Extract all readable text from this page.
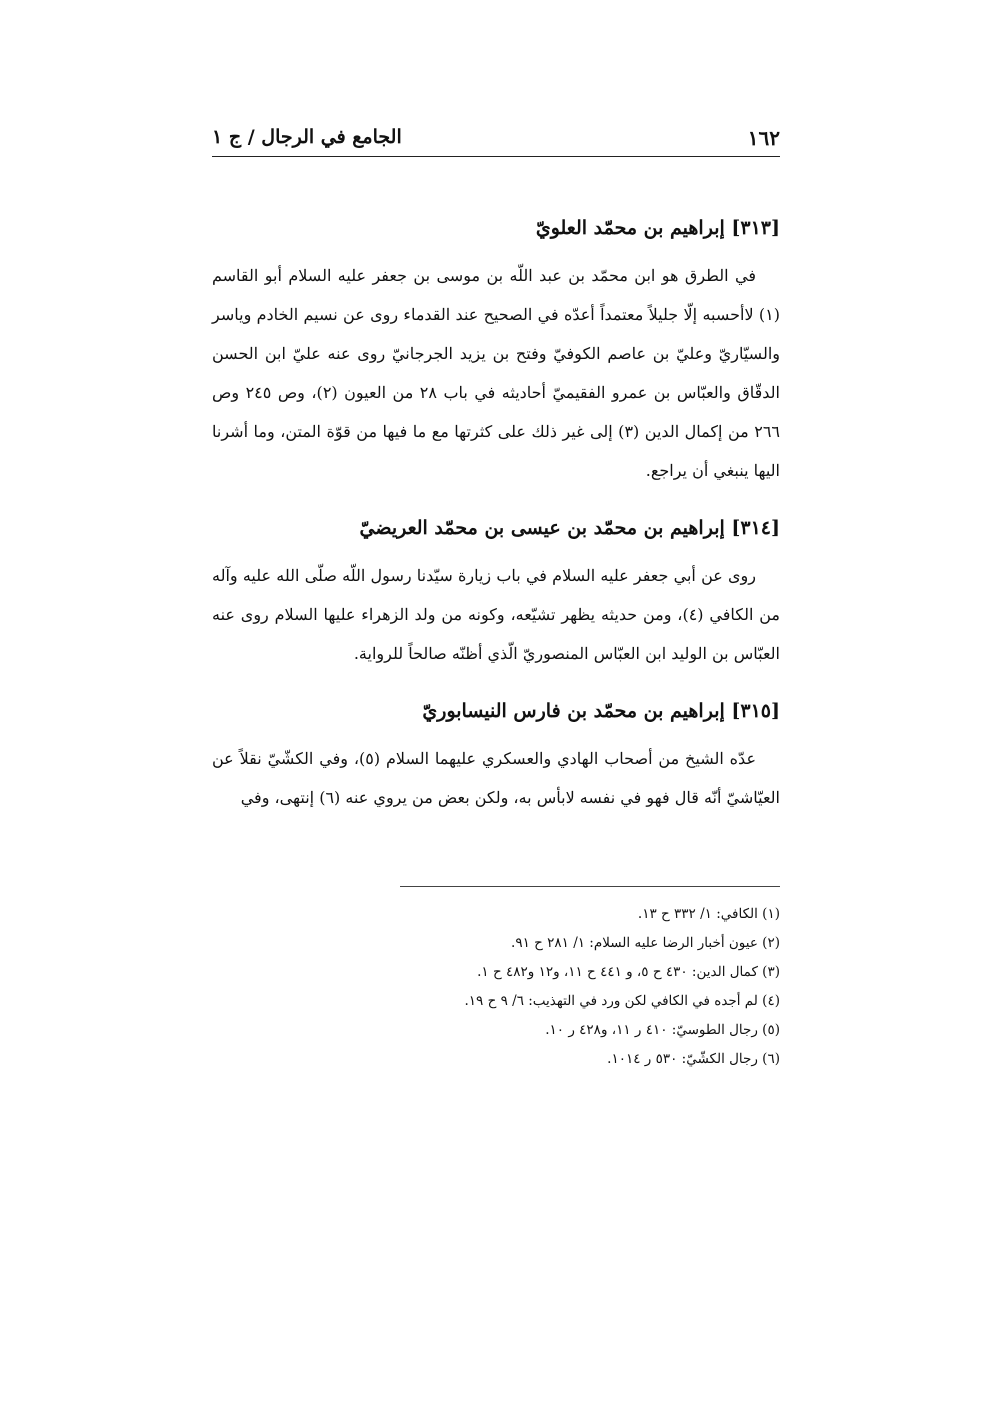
١٦٢
الجامع في الرجال / ج ١
[٣١٣] إبراهيم بن محمّد العلويّ

في الطرق هو ابن محمّد بن عبد اللّه بن موسى بن جعفر عليه السلام أبو القاسم (١) لاأحسبه إلّا جليلاً معتمداً أعدّه في الصحيح عند القدماء روى عن نسيم الخادم وياسر والسيّاريّ وعليّ بن عاصم الكوفيّ وفتح بن يزيد الجرجانيّ روى عنه عليّ ابن الحسن الدقّاق والعبّاس بن عمرو الفقيميّ أحاديثه في باب ٢٨ من العيون (٢)، وص ٢٤٥ وص ٢٦٦ من إكمال الدين (٣) إلى غير ذلك على كثرتها مع ما فيها من قوّة المتن، وما أشرنا اليها ينبغي أن يراجع.

[٣١٤] إبراهيم بن محمّد بن عيسى بن محمّد العريضيّ

روى عن أبي جعفر عليه السلام في باب زيارة سيّدنا رسول اللّه صلّى الله عليه وآله من الكافي (٤)، ومن حديثه يظهر تشيّعه، وكونه من ولد الزهراء عليها السلام روى عنه العبّاس بن الوليد ابن العبّاس المنصوريّ الّذي أظنّه صالحاً للرواية.

[٣١٥] إبراهيم بن محمّد بن فارس النيسابوريّ

عدّه الشيخ من أصحاب الهادي والعسكري عليهما السلام (٥)، وفي الكشّيّ نقلاً عن العيّاشيّ أنّه قال فهو في نفسه لابأس به، ولكن بعض من يروي عنه (٦) إنتهى، وفي

(١) الكافي: ١/ ٣٣٢ ح ١٣.

(٢) عيون أخبار الرضا عليه السلام: ١/ ٢٨١ ح ٩١.

(٣) كمال الدين: ٤٣٠ ح ٥، و ٤٤١ ح ١١، و١٢ و٤٨٢ ح ١.

(٤) لم أجده في الكافي لكن ورد في التهذيب: ٦/ ٩ ح ١٩.

(٥) رجال الطوسيّ: ٤١٠ ر ١١، و٤٢٨ ر ١٠.

(٦) رجال الكشّيّ: ٥٣٠ ر ١٠١٤.
